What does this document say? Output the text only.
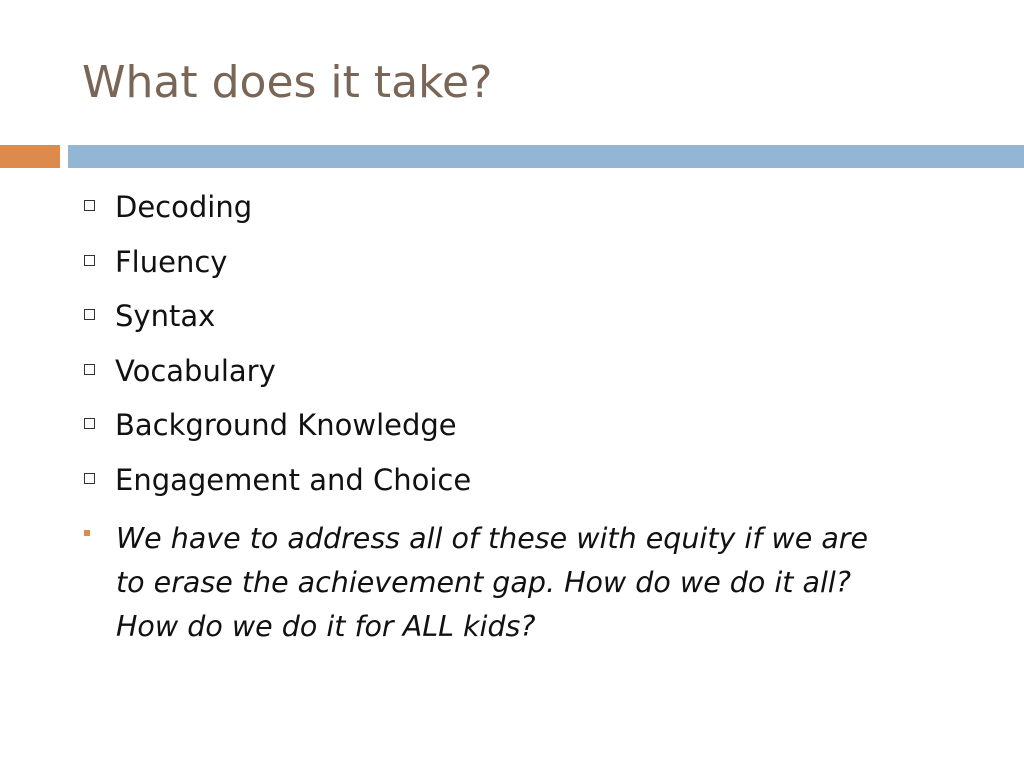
What does it take?
Decoding
Fluency
Syntax
Vocabulary
Background Knowledge
Engagement and Choice
We have to address all of these with equity if we are
to erase the achievement gap. How do we do it all?
How do we do it for ALL kids?
